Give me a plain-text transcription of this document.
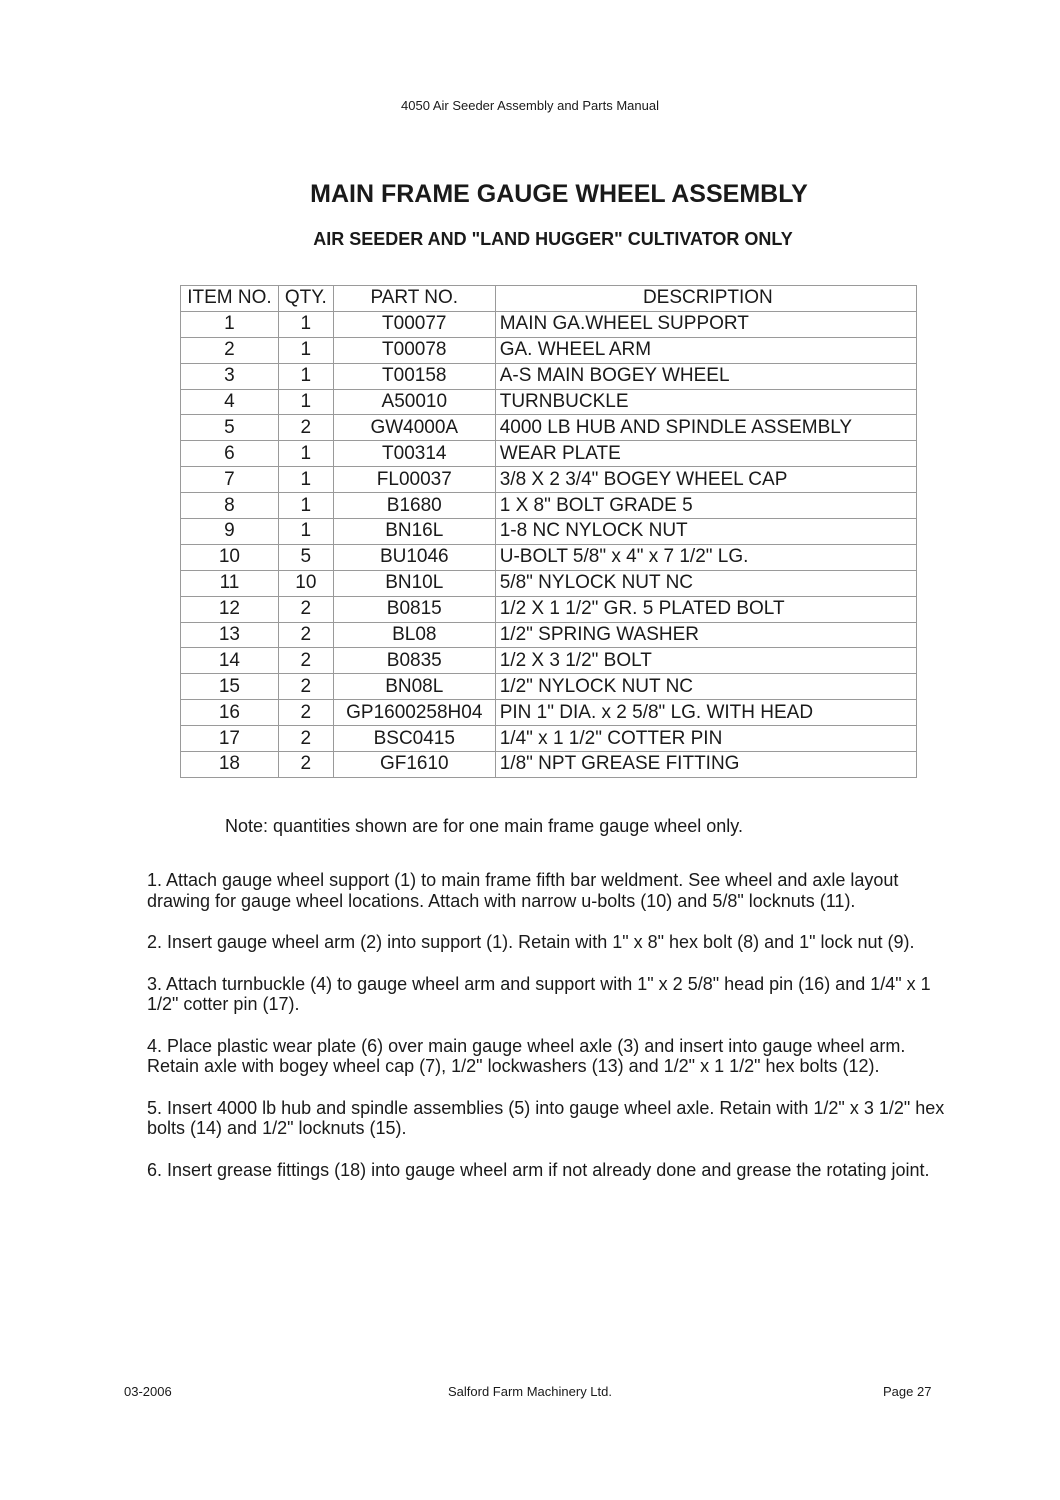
4050 Air Seeder Assembly and Parts Manual
MAIN FRAME GAUGE WHEEL ASSEMBLY
AIR SEEDER AND "LAND HUGGER" CULTIVATOR ONLY
ITEM NO.	QTY.	PART NO.	DESCRIPTION
1	1	T00077	MAIN GA.WHEEL SUPPORT
2	1	T00078	GA. WHEEL ARM
3	1	T00158	A-S MAIN BOGEY WHEEL
4	1	A50010	TURNBUCKLE
5	2	GW4000A	4000 LB HUB AND SPINDLE ASSEMBLY
6	1	T00314	WEAR PLATE
7	1	FL00037	3/8 X 2 3/4" BOGEY WHEEL CAP
8	1	B1680	1 X 8" BOLT GRADE 5
9	1	BN16L	1-8 NC NYLOCK NUT
10	5	BU1046	U-BOLT 5/8" x 4" x 7 1/2" LG.
11	10	BN10L	5/8" NYLOCK NUT NC
12	2	B0815	1/2 X 1 1/2" GR. 5 PLATED BOLT
13	2	BL08	1/2" SPRING WASHER
14	2	B0835	1/2 X 3 1/2" BOLT
15	2	BN08L	1/2" NYLOCK NUT NC
16	2	GP1600258H04	PIN 1" DIA. x 2 5/8" LG. WITH HEAD
17	2	BSC0415	1/4" x 1 1/2" COTTER PIN
18	2	GF1610	1/8" NPT GREASE FITTING
Note: quantities shown are for one main frame gauge wheel only.

1. Attach gauge wheel support (1) to main frame fifth bar weldment. See wheel and axle layout drawing for gauge wheel locations. Attach with narrow u-bolts (10) and 5/8" locknuts (11).

2. Insert gauge wheel arm (2) into support (1). Retain with 1" x 8" hex bolt (8) and 1" lock nut (9).

3. Attach turnbuckle (4) to gauge wheel arm and support with 1" x 2 5/8" head pin (16) and 1/4" x 1 1/2" cotter pin (17).

4. Place plastic wear plate (6) over main gauge wheel axle (3) and insert into gauge wheel arm. Retain axle with bogey wheel cap (7), 1/2" lockwashers (13) and 1/2" x 1 1/2" hex bolts (12).

5. Insert 4000 lb hub and spindle assemblies (5) into gauge wheel axle. Retain with 1/2" x 3 1/2" hex bolts (14) and 1/2" locknuts (15).

6. Insert grease fittings (18) into gauge wheel arm if not already done and grease the rotating joint.

03-2006	Salford Farm Machinery Ltd.	Page 27
